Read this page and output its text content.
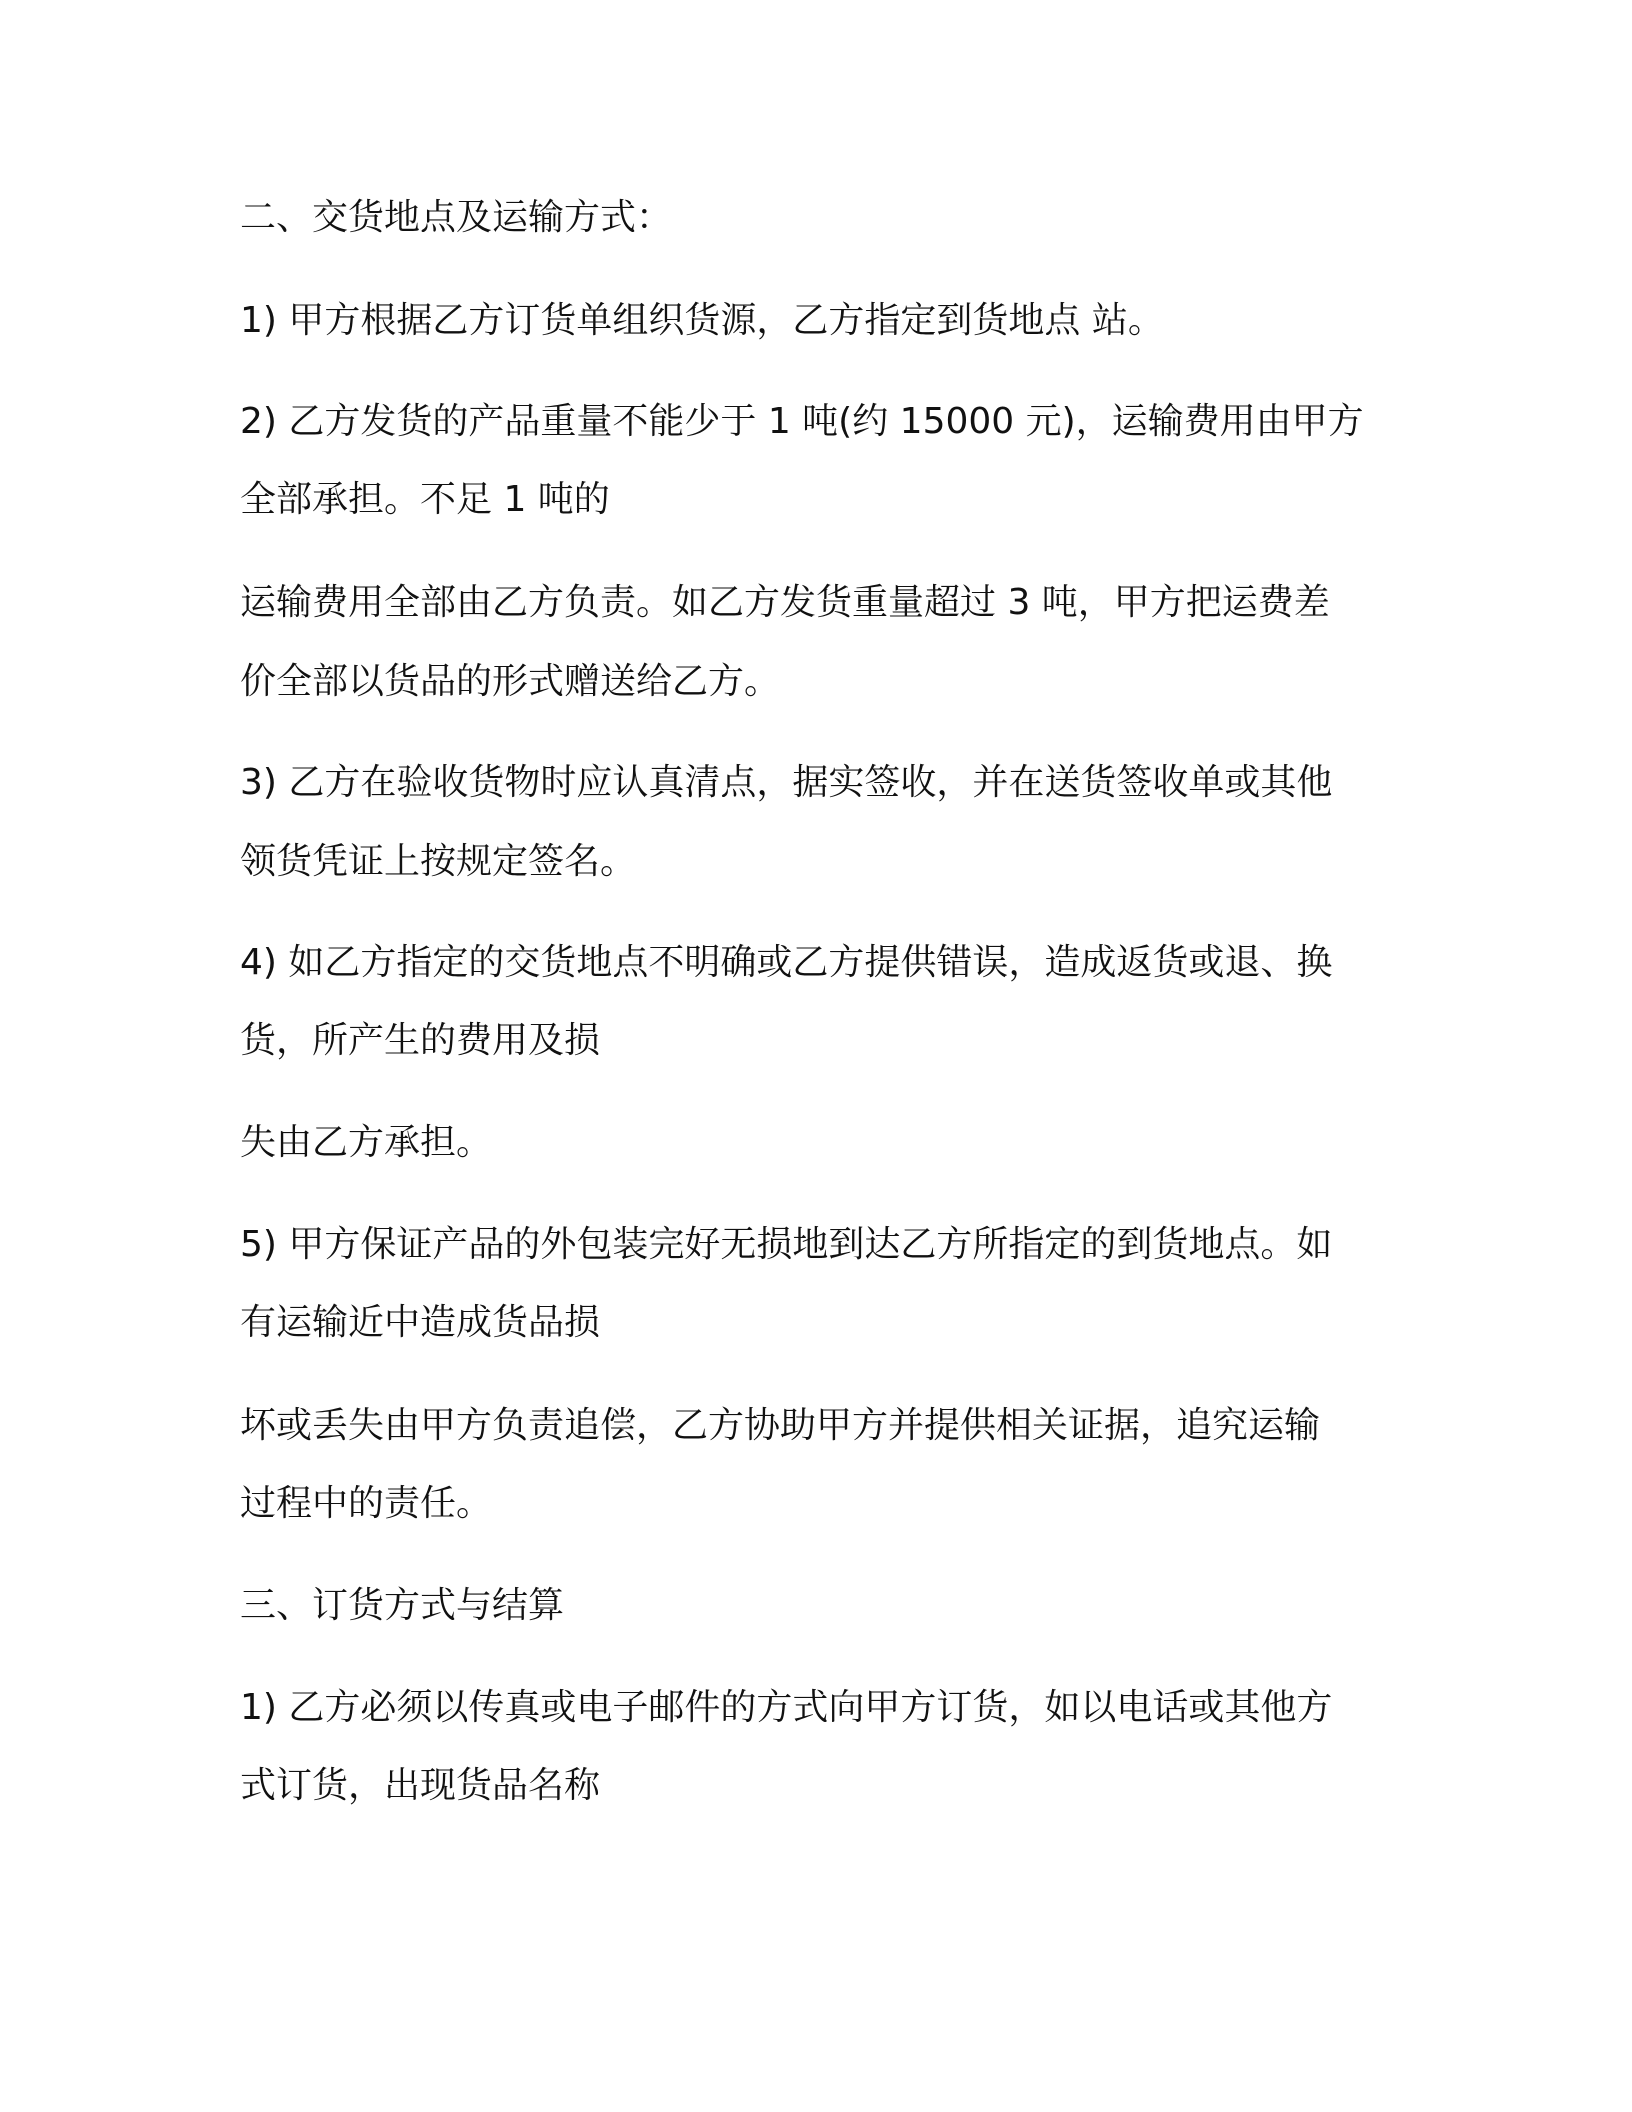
二、交货地点及运输方式：
1) 甲方根据乙方订货单组织货源，乙方指定到货地点 站。
2) 乙方发货的产品重量不能少于 1 吨(约 15000 元)，运输费用由甲方
全部承担。不足 1 吨的
运输费用全部由乙方负责。如乙方发货重量超过 3 吨，甲方把运费差
价全部以货品的形式赠送给乙方。
3) 乙方在验收货物时应认真清点，据实签收，并在送货签收单或其他
领货凭证上按规定签名。
4) 如乙方指定的交货地点不明确或乙方提供错误，造成返货或退、换
货，所产生的费用及损
失由乙方承担。
5) 甲方保证产品的外包装完好无损地到达乙方所指定的到货地点。如
有运输近中造成货品损
坏或丢失由甲方负责追偿，乙方协助甲方并提供相关证据，追究运输
过程中的责任。
三、订货方式与结算
1) 乙方必须以传真或电子邮件的方式向甲方订货，如以电话或其他方
式订货，出现货品名称
